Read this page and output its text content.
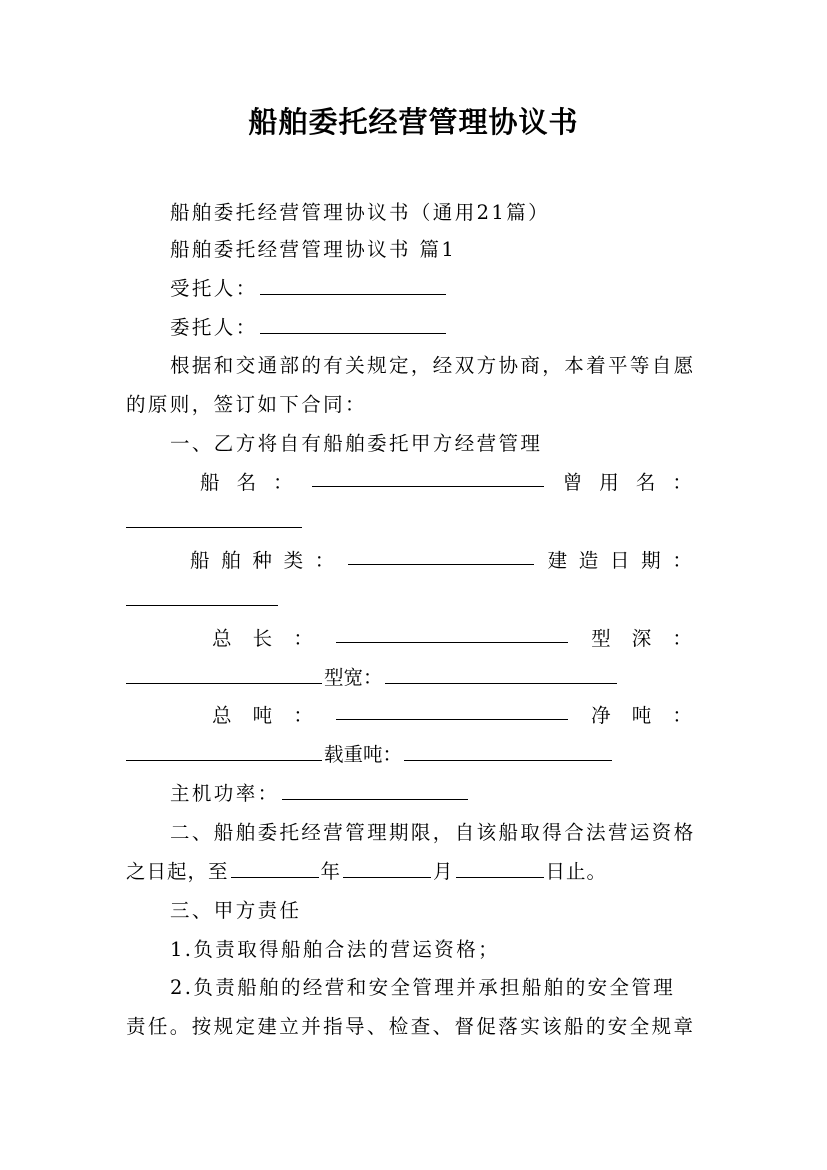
船舶委托经营管理协议书
船舶委托经营管理协议书（通用21篇）
船舶委托经营管理协议书 篇1
受托人：
委托人：
根据和交通部的有关规定，经双方协商，本着平等自愿
的原则，签订如下合同：
一、乙方将自有船舶委托甲方经营管理
船 名 ：	曾 用 名 ：
船 舶 种 类 ：	建 造 日 期 ：
总 长 ：	型 深 ：
型宽：
总 吨 ：	净 吨 ：
载重吨：
主机功率：
二、船舶委托经营管理期限，自该船取得合法营运资格
之日起，至	年	月	日止。
三、甲方责任
1.负责取得船舶合法的营运资格；
2.负责船舶的经营和安全管理并承担船舶的安全管理
责任。按规定建立并指导、检查、督促落实该船的安全规章
